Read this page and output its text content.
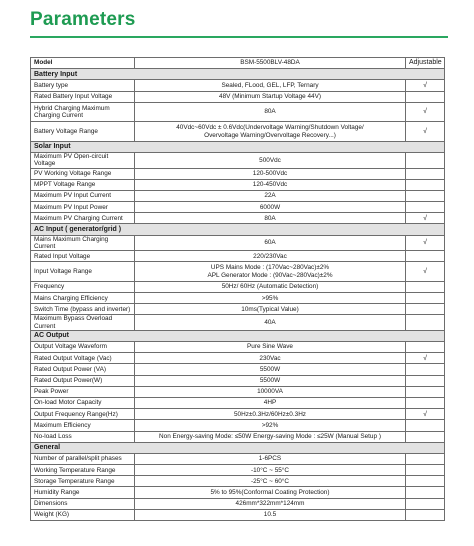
Parameters
Model	BSM-5500BLV-48DA	Adjustable
Battery Input		
Battery type	Sealed, FLood, GEL, LFP, Ternary	√
Rated Battery Input Voltage	48V (Minimum Startup Voltage 44V)	
Hybrid Charging Maximum
Charging Current	80A	√
Battery Voltage Range	40Vdc~60Vdc ± 0.6Vdc(Undervoltage Warning/Shutdown Voltage/
Overvoltage Warning/Overvoltage Recovery...)	√
Solar Input		
Maximum PV Open-circuit Voltage	500Vdc	
PV Working Voltage Range	120-500Vdc	
MPPT Voltage Range	120-450Vdc	
Maximum PV Input Current	22A	
Maximum PV Input Power	6000W	
Maximum PV Charging Current	80A	√
AC Input ( generator/grid )		
Mains Maximum Charging Current	60A	√
Rated Input Voltage	220/230Vac	
Input Voltage Range	UPS Mains Mode : (170Vac~280Vac)±2%
APL Generator Mode : (90Vac~280Vac)±2%	√
Frequency	50Hz/ 60Hz (Automatic Detection)	
Mains Charging Efficiency	>95%	
Switch Time (bypass and inverter)	10ms(Typical Value)	
Maximum Bypass Overload Current	40A	
AC Output		
Output Voltage Waveform	Pure Sine Wave	
Rated Output Voltage (Vac)	230Vac	√
Rated Output Power (VA)	5500W	
Rated Output Power(W)	5500W	
Peak Power	10000VA	
On-load Motor Capacity	4HP	
Output Frequency Range(Hz)	50Hz±0.3Hz/60Hz±0.3Hz	√
Maximum Efficiency	>92%	
No-load Loss	Non Energy-saving Mode: ≤50W Energy-saving Mode : ≤25W (Manual Setup )	
General		
Number of parallel/split phases	1-6PCS	
Working Temperature Range	-10°C ~ 55°C	
Storage Temperature Range	-25°C ~ 60°C	
Humidity Range	5% to 95%(Conformal Coating Protection)	
Dimensions	426mm*322mm*124mm	
Weight (KG)	10.5	
